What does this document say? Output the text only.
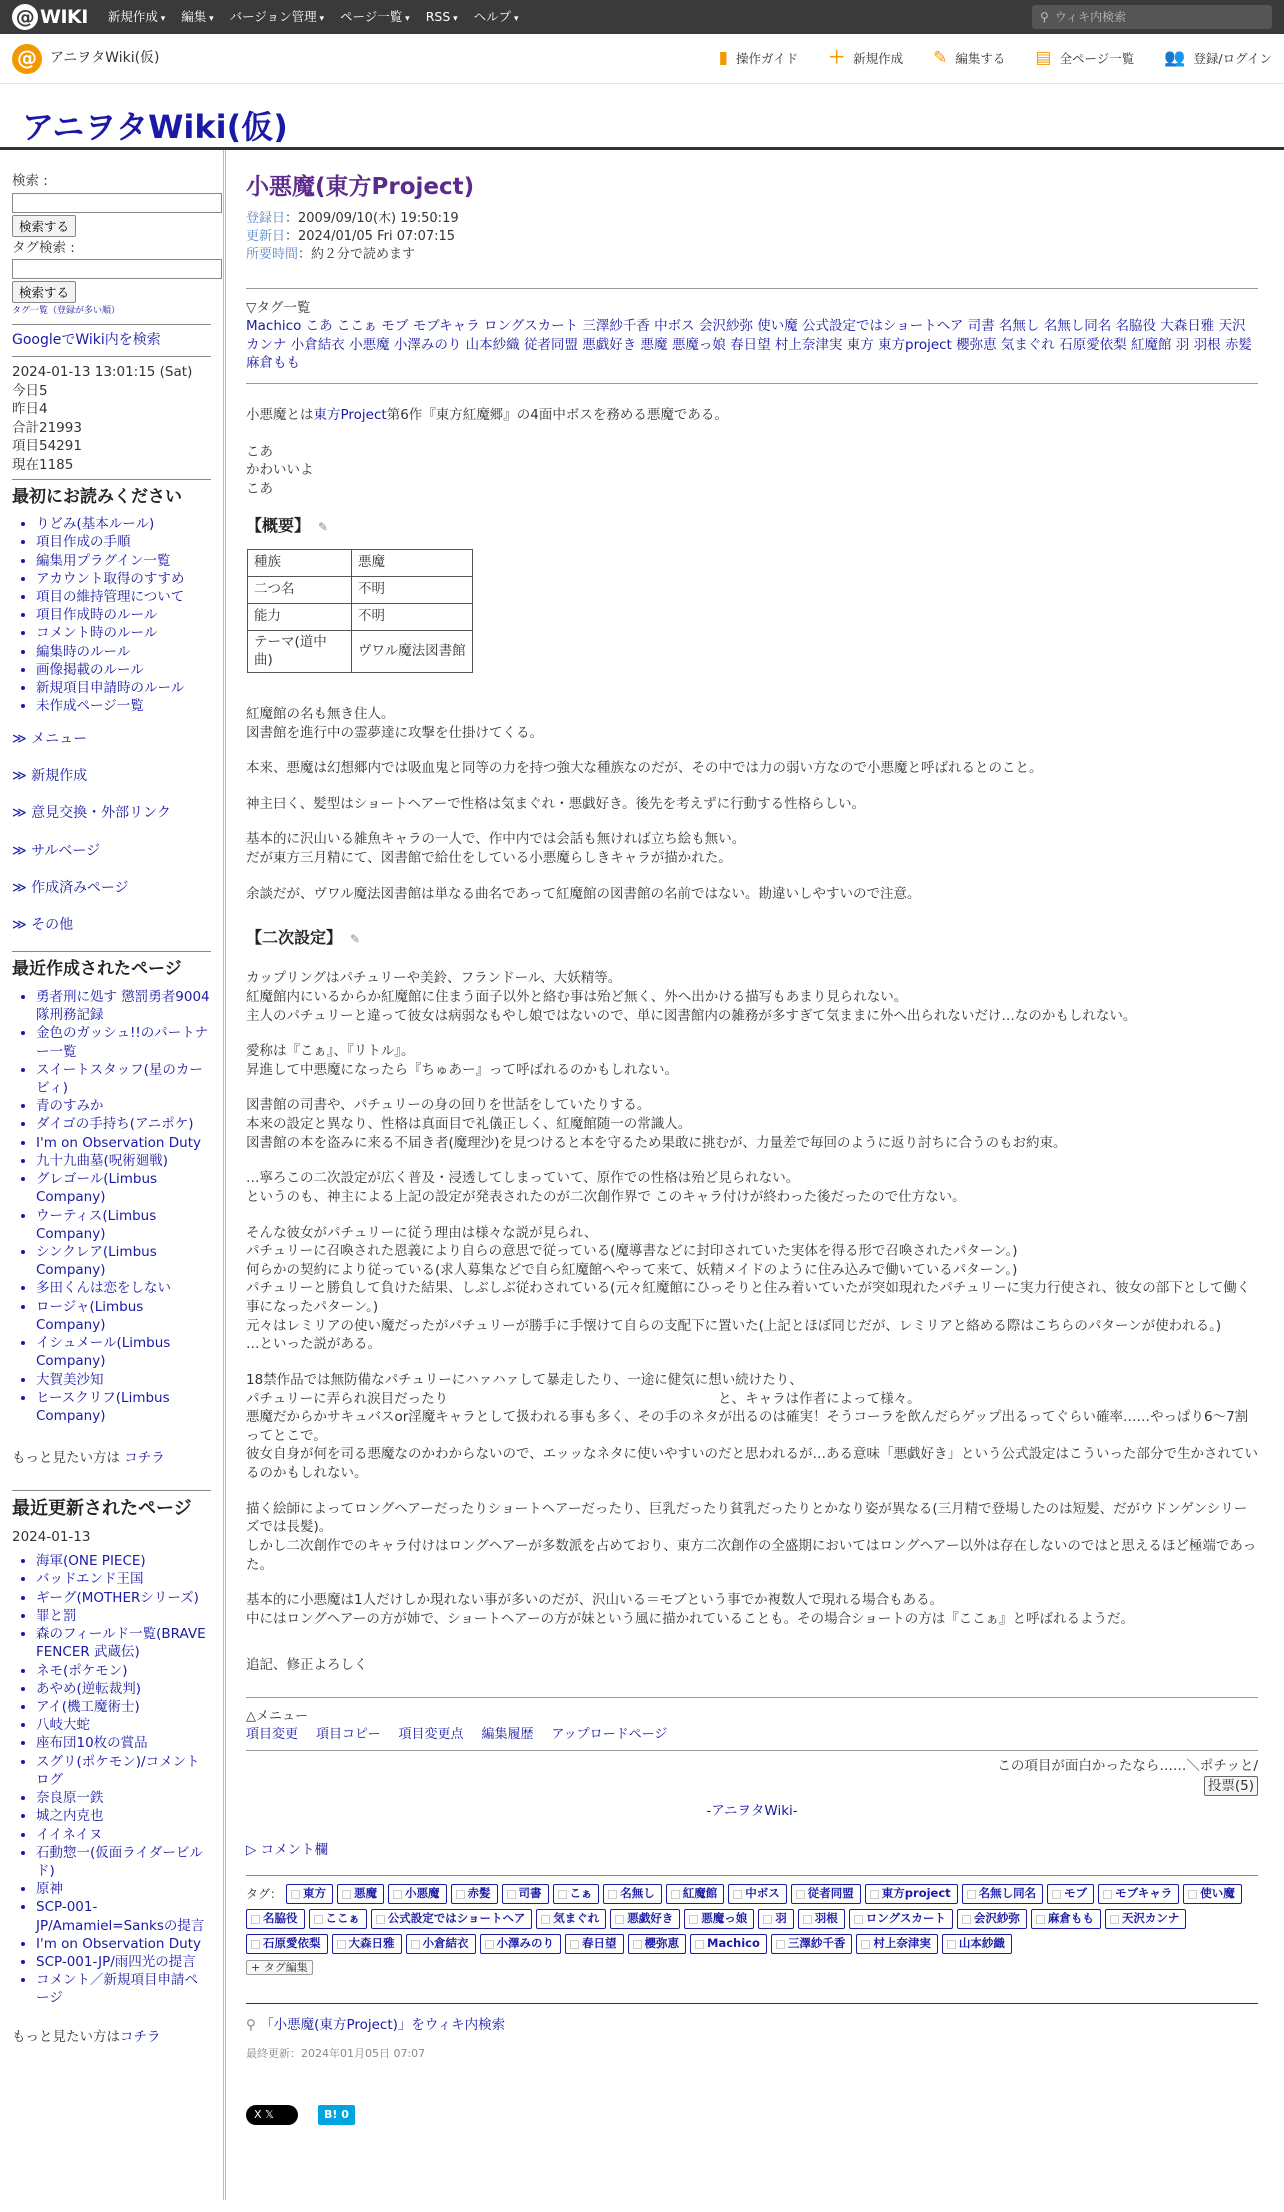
@ WIKI 新規作成 ▾	編集 ▾	バージョン管理 ▾	ページ一覧 ▾	RSS ▾	ヘルプ ▾	⚲ ウィキ内検索
@ アニヲタWiki(仮)	▮ 操作ガイド ＋ 新規作成 ✎ 編集する ▤ 全ページ一覧 👥 登録/ログイン
アニヲタWiki(仮)
検索 :
検索する
タグ検索 :
検索する
タグ一覧（登録が多い順）
GoogleでWiki内を検索
2024-01-13 13:01:15 (Sat)
今日5
昨日4
合計21993
項目54291
現在1185
最初にお読みください
• りどみ(基本ルール)
• 項目作成の手順
• 編集用プラグイン一覧
• アカウント取得のすすめ
• 項目の維持管理について
• 項目作成時のルール
• コメント時のルール
• 編集時のルール
• 画像掲載のルール
• 新規項目申請時のルール
• 未作成ページ一覧
≫ メニュー
≫ 新規作成
≫ 意見交換・外部リンク
≫ サルベージ
≫ 作成済みページ
≫ その他
最近作成されたページ
• 勇者刑に処す 懲罰勇者9004隊刑務記録
• 金色のガッシュ!!のパートナー一覧
• スイートスタッフ(星のカービィ)
• 青のすみか
• ダイゴの手持ち(アニポケ)
• I'm on Observation Duty
• 九十九曲墓(呪術廻戦)
• グレゴール(Limbus Company)
• ウーティス(Limbus Company)
• シンクレア(Limbus Company)
• 多田くんは恋をしない
• ロージャ(Limbus Company)
• イシュメール(Limbus Company)
• 大賀美沙知
• ヒースクリフ(Limbus Company)
もっと見たい方は コチラ
最近更新されたページ
2024-01-13
• 海軍(ONE PIECE)
• バッドエンド王国
• ギーグ(MOTHERシリーズ)
• 罪と罰
• 森のフィールド一覧(BRAVE FENCER 武蔵伝)
• ネモ(ポケモン)
• あやめ(逆転裁判)
• アイ(機工魔術士)
• 八岐大蛇
• 座布団10枚の賞品
• スグリ(ポケモン)/コメントログ
• 奈良原一鉄
• 城之内克也
• イイネイヌ
• 石動惣一(仮面ライダービルド)
• 原神
• SCP-001-JP/Amamiel=Sanksの提言
• I'm on Observation Duty
• SCP-001-JP/雨四光の提言
• コメント／新規項目申請ページ
もっと見たい方はコチラ
小悪魔(東方Project)
登録日：2009/09/10(木) 19:50:19
更新日：2024/01/05 Fri 07:07:15
所要時間：約２分で読めます
▽タグ一覧
Machico こあ ここぁ モブ モブキャラ ロングスカート 三澤紗千香 中ボス 会沢紗弥 使い魔 公式設定ではショートヘア 司書 名無し 名無し同名 名脇役 大森日雅 天沢カンナ 小倉結衣 小悪魔 小澤みのり 山本紗織 従者同盟 悪戯好き 悪魔 悪魔っ娘 春日望 村上奈津実 東方 東方project 櫻弥恵 気まぐれ 石原愛依梨 紅魔館 羽 羽根 赤髪 麻倉もも
小悪魔とは東方Project第6作『東方紅魔郷』の4面中ボスを務める悪魔である。
こあ
かわいいよ
こあ
【概要】 ✎
種族	悪魔
二つ名	不明
能力	不明
テーマ(道中曲)	ヴワル魔法図書館
紅魔館の名も無き住人。
図書館を進行中の霊夢達に攻撃を仕掛けてくる。
本来、悪魔は幻想郷内では吸血鬼と同等の力を持つ強大な種族なのだが、その中では力の弱い方なので小悪魔と呼ばれるとのこと。
神主曰く、髪型はショートヘアーで性格は気まぐれ・悪戯好き。後先を考えずに行動する性格らしい。
基本的に沢山いる雑魚キャラの一人で、作中内では会話も無ければ立ち絵も無い。
だが東方三月精にて、図書館で給仕をしている小悪魔らしきキャラが描かれた。
余談だが、ヴワル魔法図書館は単なる曲名であって紅魔館の図書館の名前ではない。勘違いしやすいので注意。
【二次設定】 ✎
カップリングはパチュリーや美鈴、フランドール、大妖精等。
紅魔館内にいるからか紅魔館に住まう面子以外と絡む事は殆ど無く、外へ出かける描写もあまり見られない。
主人のパチュリーと違って彼女は病弱なもやし娘ではないので、単に図書館内の雑務が多すぎて気ままに外へ出られないだけ…なのかもしれない。
愛称は『こぁ』、『リトル』。
昇進して中悪魔になったら『ちゅあー』って呼ばれるのかもしれない。
図書館の司書や、パチュリーの身の回りを世話をしていたりする。
本来の設定と異なり、性格は真面目で礼儀正しく、紅魔館随一の常識人。
図書館の本を盗みに来る不届き者(魔理沙)を見つけると本を守るため果敢に挑むが、力量差で毎回のように返り討ちに合うのもお約束。
…寧ろこの二次設定が広く普及・浸透してしまっていて、原作での性格は殆ど見られない。
というのも、神主による上記の設定が発表されたのが二次創作界で このキャラ付けが終わった後だったので仕方ない。
そんな彼女がパチュリーに従う理由は様々な説が見られ、
パチュリーに召喚された恩義により自らの意思で従っている(魔導書などに封印されていた実体を得る形で召喚されたパターン。)
何らかの契約により従っている(求人募集などで自ら紅魔館へやって来て、妖精メイドのように住み込みで働いているパターン。)
パチュリーと勝負して負けた結果、しぶしぶ従わされている(元々紅魔館にひっそりと住み着いていたが突如現れたパチュリーに実力行使され、彼女の部下として働く事になったパターン。)
元々はレミリアの使い魔だったがパチュリーが勝手に手懐けて自らの支配下に置いた(上記とほぼ同じだが、レミリアと絡める際はこちらのパターンが使われる。)
…といった説がある。
18禁作品では無防備なパチュリーにハァハァして暴走したり、一途に健気に想い続けたり、
パチュリーに弄られ涙目だったり　　　　　　　　　　　　　　　　　　　　と、キャラは作者によって様々。
悪魔だからかサキュバスor淫魔キャラとして扱われる事も多く、その手のネタが出るのは確実！そうコーラを飲んだらゲップ出るってぐらい確率……やっぱり6～7割ってとこで。
彼女自身が何を司る悪魔なのかわからないので、エッッなネタに使いやすいのだと思われるが…ある意味「悪戯好き」という公式設定はこういった部分で生かされているのかもしれない。
描く絵師によってロングヘアーだったりショートヘアーだったり、巨乳だったり貧乳だったりとかなり姿が異なる(三月精で登場したのは短髪、だがウドンゲンシリーズでは長髪)。
しかし二次創作でのキャラ付けはロングヘアーが多数派を占めており、東方二次創作の全盛期においてはロングヘアー以外は存在しないのではと思えるほど極端であった。
基本的に小悪魔は1人だけしか現れない事が多いのだが、沢山いる＝モブという事でか複数人で現れる場合もある。
中にはロングヘアーの方が姉で、ショートヘアーの方が妹という風に描かれていることも。その場合ショートの方は『ここぁ』と呼ばれるようだ。
追記、修正よろしく
△メニュー
項目変更 項目コピー 項目変更点 編集履歴 アップロードページ
この項目が面白かったなら……＼ポチッと/
投票(5)
-アニヲタWiki-
▷ コメント欄
タグ：	東方	悪魔	小悪魔	赤髪	司書	こぁ	名無し	紅魔館	中ボス	従者同盟	東方project	名無し同名	モブ	モブキャラ	使い魔
名脇役	ここぁ	公式設定ではショートヘア	気まぐれ	悪戯好き	悪魔っ娘	羽	羽根	ロングスカート	会沢紗弥	麻倉もも	天沢カンナ
石原愛依梨	大森日雅	小倉結衣	小澤みのり	春日望	櫻弥恵	Machico	三澤紗千香	村上奈津実	山本紗織
+ タグ編集
⚲ 「小悪魔(東方Project)」をウィキ内検索
最終更新：2024年01月05日 07:07
X 𝕏	B! 0
